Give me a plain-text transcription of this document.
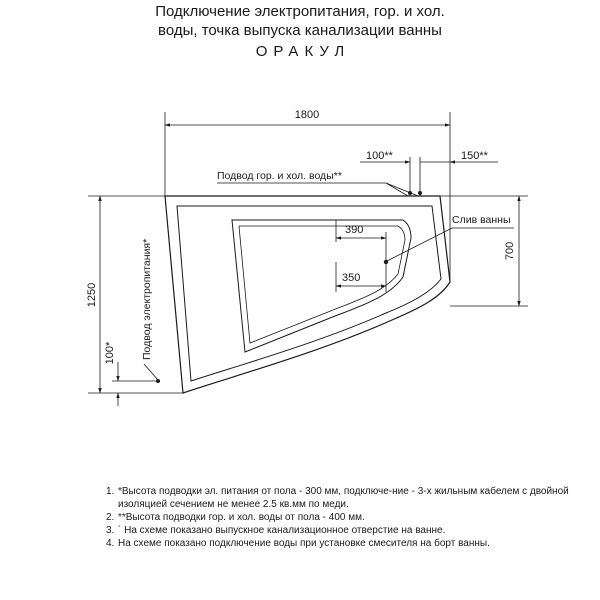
Подключение электропитания, гор. и хол.
воды, точка выпуска канализации ванны
ОРАКУЛ
1800
1250
700
100**	150**
Подвод гор. и хол. воды**
Слив ванны
390
350
Подвод электропитания*
100*
1. *Высота подводки эл. питания от пола - 300 мм, подключе-ние - 3-х жильным кабелем с двойной изоляцией сечением не менее 2.5 кв.мм по меди.
2. **Высота подводки гор. и хол. воды от пола - 400 мм.
3. ´ На схеме показано выпускное канализационное отверстие на ванне.
4. На схеме показано подключение воды при установке смесителя на борт ванны.
